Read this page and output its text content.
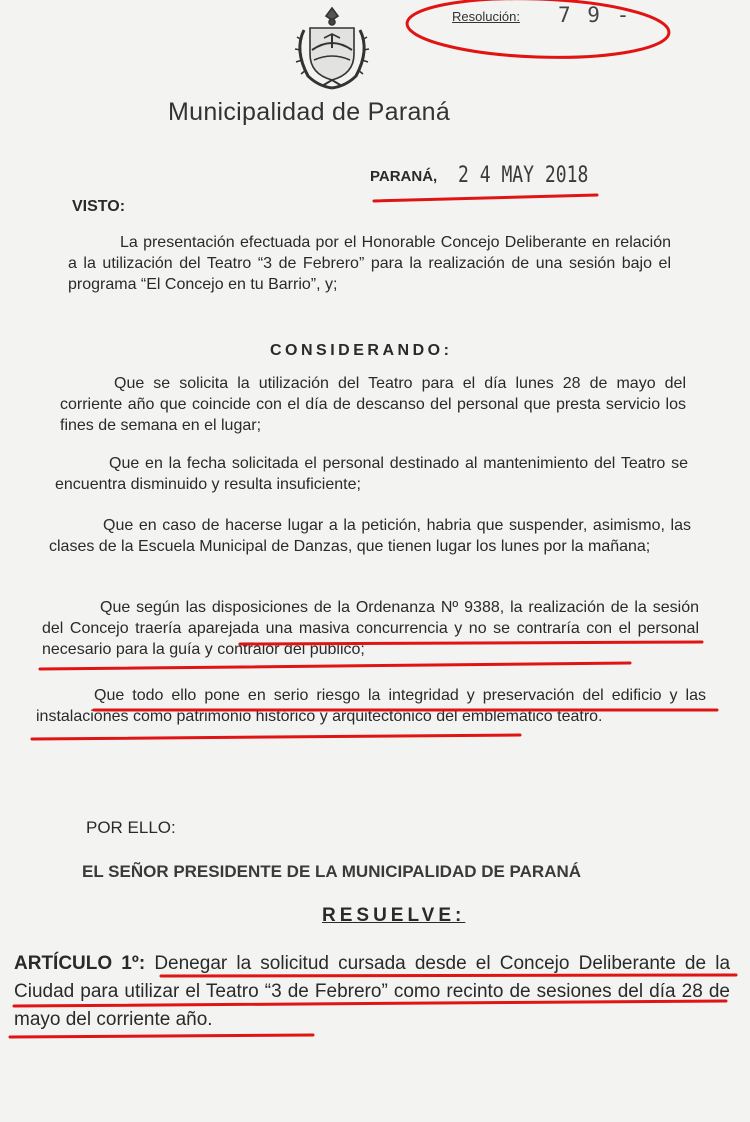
Resolución: 7 9 -
Municipalidad de Paraná
PARANÁ, 2 4 MAY 2018
VISTO:
La presentación efectuada por el Honorable Concejo Deliberante en relación a la utilización del Teatro “3 de Febrero” para la realización de una sesión bajo el programa “El Concejo en tu Barrio”, y;
CONSIDERANDO:
Que se solicita la utilización del Teatro para el día lunes 28 de mayo del corriente año que coincide con el día de descanso del personal que presta servicio los fines de semana en el lugar;
Que en la fecha solicitada el personal destinado al mantenimiento del Teatro se encuentra disminuido y resulta insuficiente;
Que en caso de hacerse lugar a la petición, habria que suspender, asimismo, las clases de la Escuela Municipal de Danzas, que tienen lugar los lunes por la mañana;
Que según las disposiciones de la Ordenanza Nº 9388, la realización de la sesión del Concejo traería aparejada una masiva concurrencia y no se contraría con el personal necesario para la guía y contralor del público;
Que todo ello pone en serio riesgo la integridad y preservación del edificio y las instalaciones como patrimonio histórico y arquitectónico del emblemático teatro.
POR ELLO:
EL SEÑOR PRESIDENTE DE LA MUNICIPALIDAD DE PARANÁ
RESUELVE:
ARTÍCULO 1º: Denegar la solicitud cursada desde el Concejo Deliberante de la Ciudad para utilizar el Teatro “3 de Febrero” como recinto de sesiones del día 28 de mayo del corriente año.
